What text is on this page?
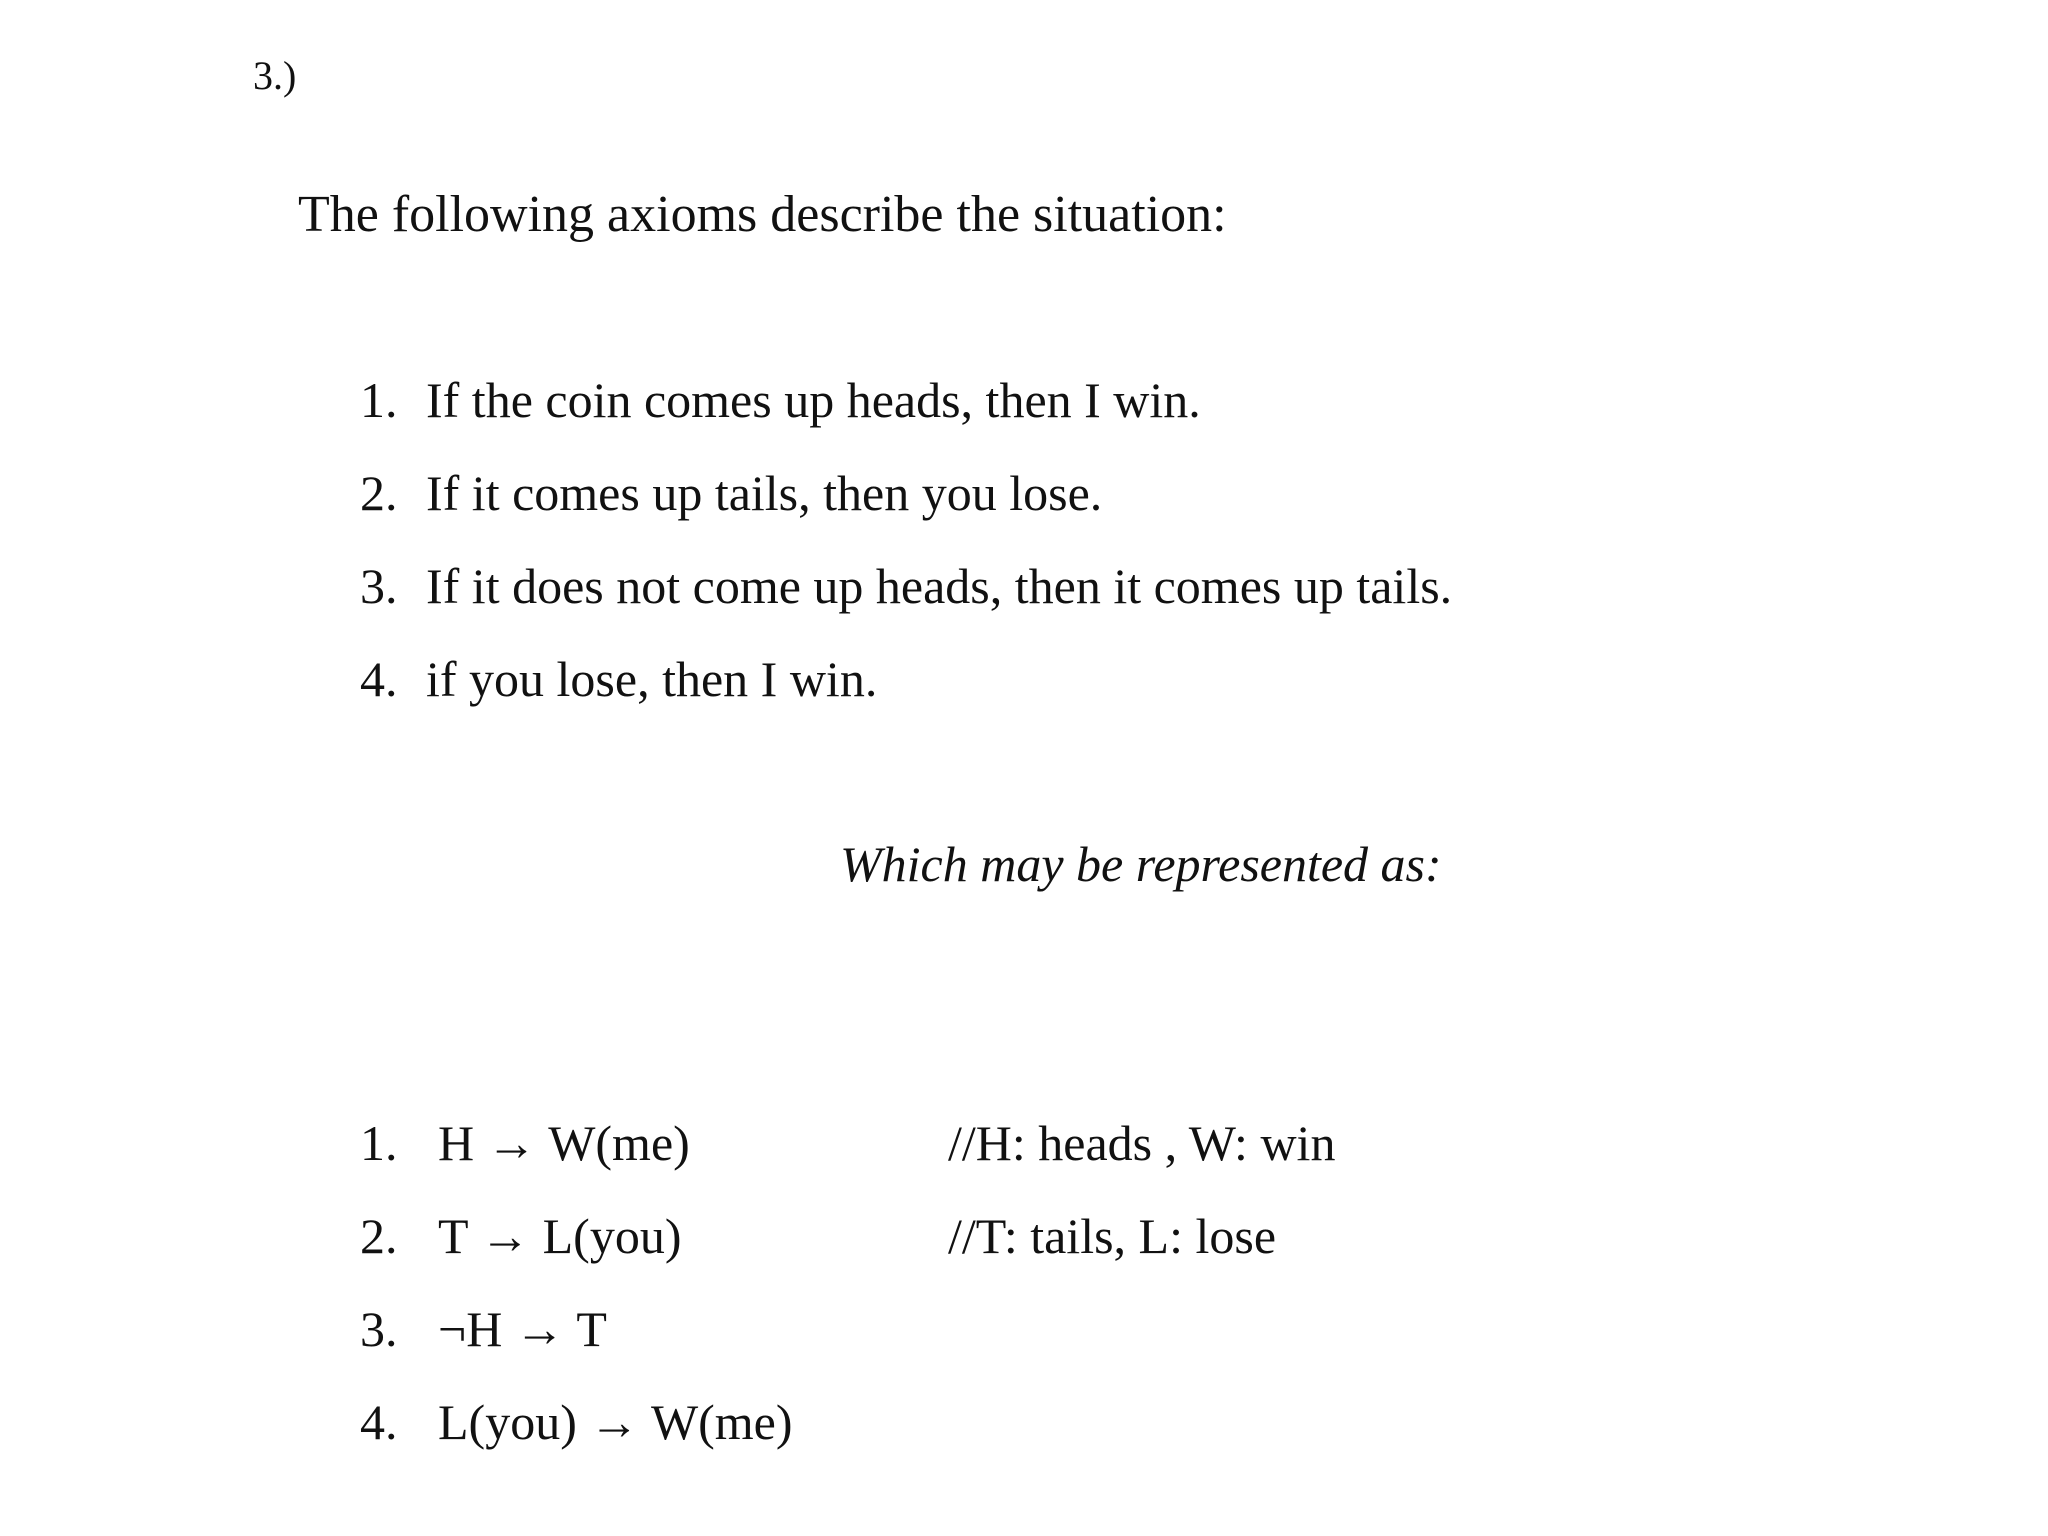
3.)
The following axioms describe the situation:
1. If the coin comes up heads, then I win.
2. If it comes up tails, then you lose.
3. If it does not come up heads, then it comes up tails.
4. if you lose, then I win.
Which may be represented as:
1. H → W(me)	//H: heads , W: win
2. T → L(you)	//T: tails, L: lose
3. ¬H → T
4. L(you) → W(me)
